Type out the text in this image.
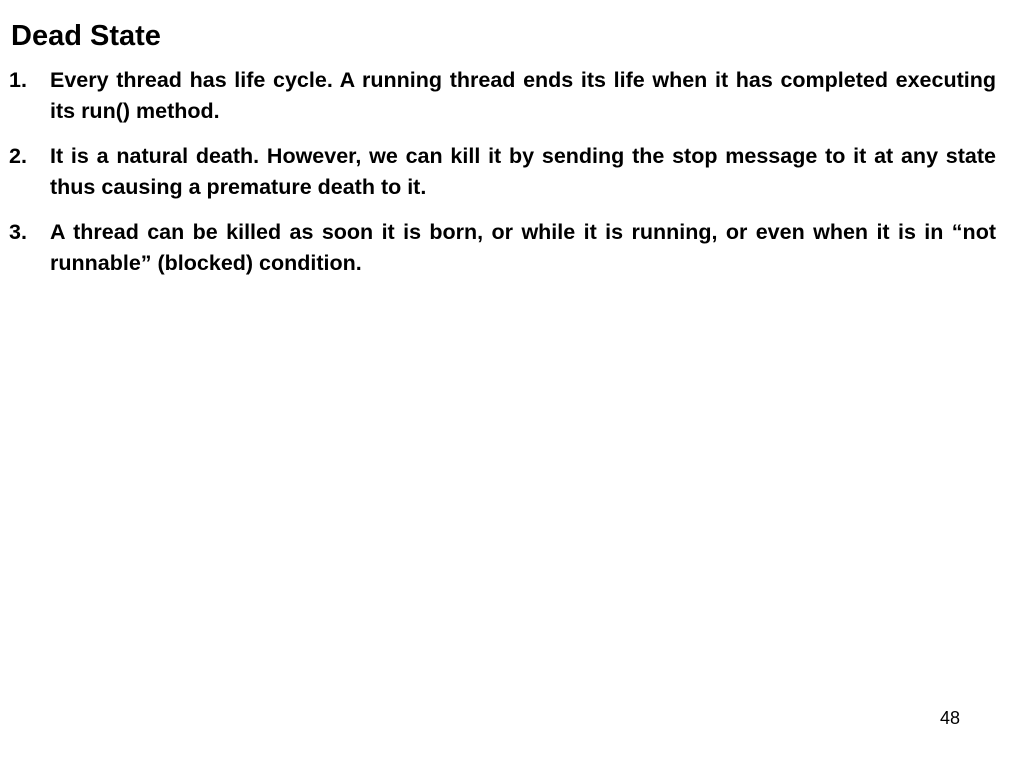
Dead State
1. Every thread has life cycle. A running thread ends its life when it has completed executing its run() method.
2. It is a natural death. However, we can kill it by sending the stop message to it at any state thus causing a premature death to it.
3. A thread can be killed as soon it is born, or while it is running, or even when it is in “not runnable” (blocked) condition.
48
